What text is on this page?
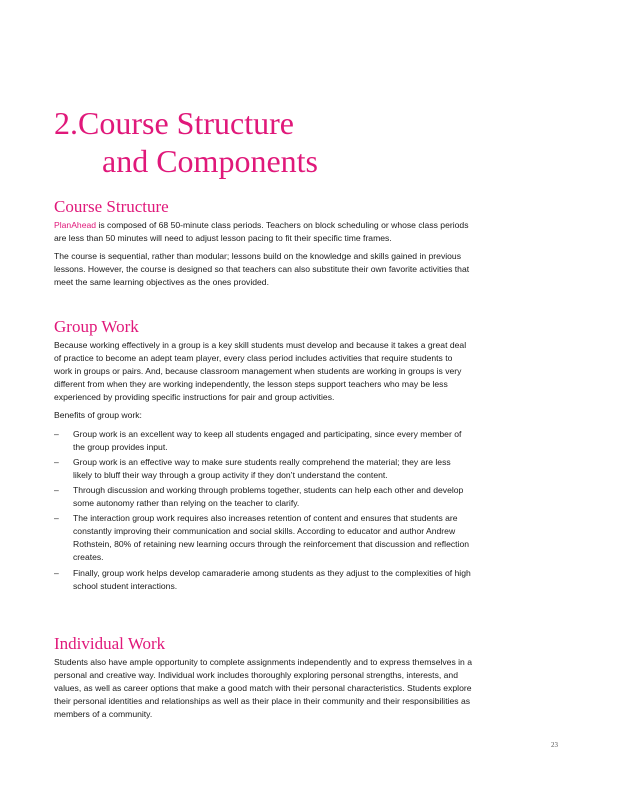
2.Course Structure
and Components
Course Structure

PlanAhead is composed of 68 50-minute class periods. Teachers on block scheduling or whose class periods are less than 50 minutes will need to adjust lesson pacing to fit their specific time frames.

The course is sequential, rather than modular; lessons build on the knowledge and skills gained in previous lessons. However, the course is designed so that teachers can also substitute their own favorite activities that meet the same learning objectives as the ones provided.

Group Work

Because working effectively in a group is a key skill students must develop and because it takes a great deal of practice to become an adept team player, every class period includes activities that require students to work in groups or pairs. And, because classroom management when students are working in groups is very different from when they are working independently, the lesson steps support teachers who may be less experienced by providing specific instructions for pair and group activities.

Benefits of group work:

– Group work is an excellent way to keep all students engaged and participating, since every member of the group provides input.
– Group work is an effective way to make sure students really comprehend the material; they are less likely to bluff their way through a group activity if they don’t understand the content.
– Through discussion and working through problems together, students can help each other and develop some autonomy rather than relying on the teacher to clarify.
– The interaction group work requires also increases retention of content and ensures that students are constantly improving their communication and social skills. According to educator and author Andrew Rothstein, 80% of retaining new learning occurs through the reinforcement that discussion and reflection creates.
– Finally, group work helps develop camaraderie among students as they adjust to the complexities of high school student interactions.
Individual Work

Students also have ample opportunity to complete assignments independently and to express themselves in a personal and creative way. Individual work includes thoroughly exploring personal strengths, interests, and values, as well as career options that make a good match with their personal characteristics. Students explore their personal identities and relationships as well as their place in their community and their responsibilities as members of a community.

23
